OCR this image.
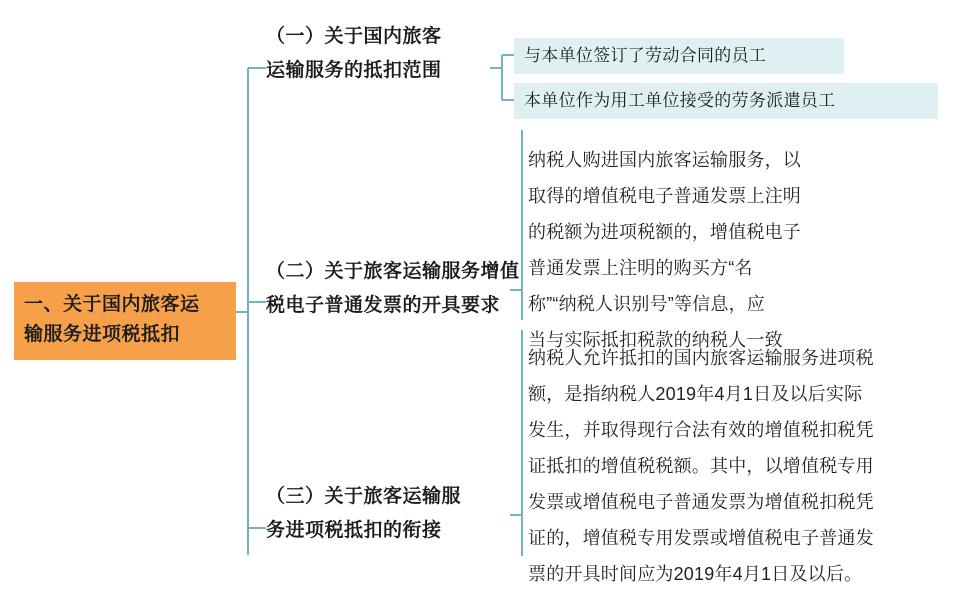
一、关于国内旅客运
输服务进项税抵扣
（一）关于国内旅客
运输服务的抵扣范围
与本单位签订了劳动合同的员工
本单位作为用工单位接受的劳务派遣员工
（二）关于旅客运输服务增值
税电子普通发票的开具要求
纳税人购进国内旅客运输服务，以
取得的增值税电子普通发票上注明
的税额为进项税额的，增值税电子
普通发票上注明的购买方“名
称”“纳税人识别号”等信息，应
当与实际抵扣税款的纳税人一致
（三）关于旅客运输服
务进项税抵扣的衔接
纳税人允许抵扣的国内旅客运输服务进项税
额，是指纳税人2019年4月1日及以后实际
发生，并取得现行合法有效的增值税扣税凭
证抵扣的增值税税额。其中，以增值税专用
发票或增值税电子普通发票为增值税扣税凭
证的，增值税专用发票或增值税电子普通发
票的开具时间应为2019年4月1日及以后。
